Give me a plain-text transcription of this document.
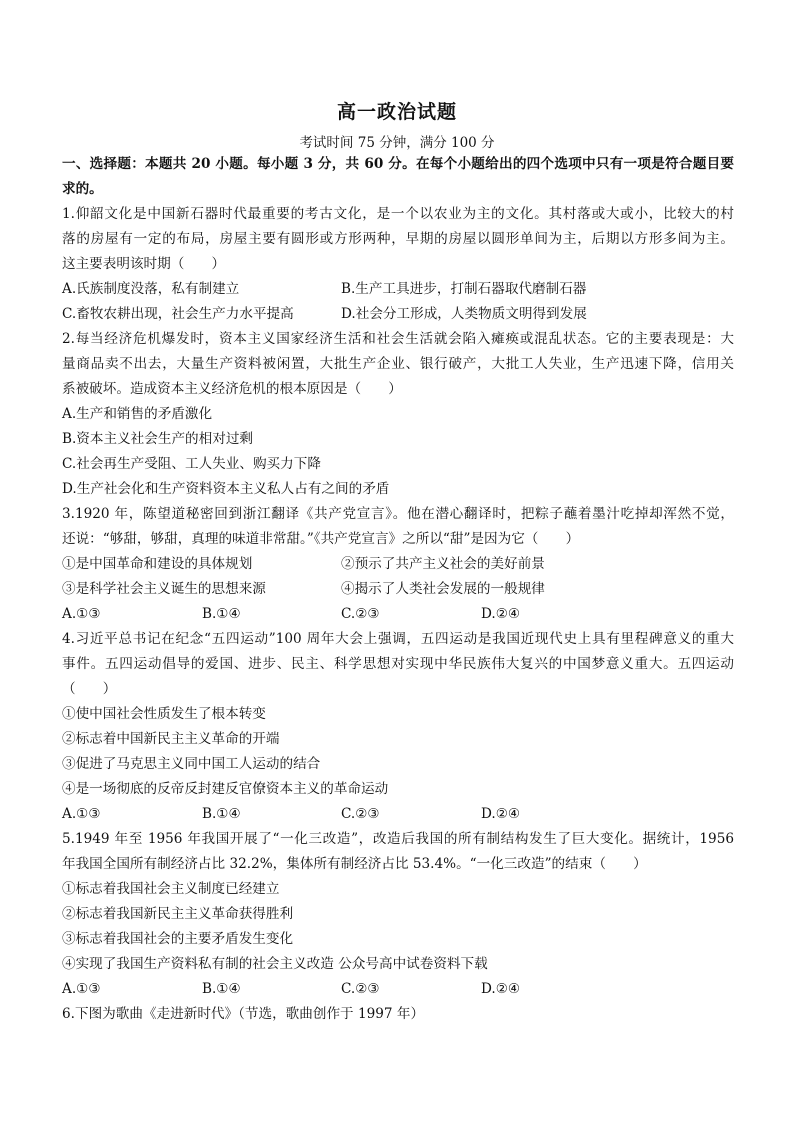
高一政治试题
考试时间 75 分钟，满分 100 分
一、选择题：本题共 20 小题。每小题 3 分，共 60 分。在每个小题给出的四个选项中只有一项是符合题目要
求的。
1.仰韶文化是中国新石器时代最重要的考古文化，是一个以农业为主的文化。其村落或大或小，比较大的村
落的房屋有一定的布局，房屋主要有圆形或方形两种，早期的房屋以圆形单间为主，后期以方形多间为主。
这主要表明该时期（　　）
A.氏族制度没落，私有制建立	B.生产工具进步，打制石器取代磨制石器
C.畜牧农耕出现，社会生产力水平提高	D.社会分工形成，人类物质文明得到发展
2.每当经济危机爆发时，资本主义国家经济生活和社会生活就会陷入瘫痪或混乱状态。它的主要表现是：大
量商品卖不出去，大量生产资料被闲置，大批生产企业、银行破产，大批工人失业，生产迅速下降，信用关
系被破坏。造成资本主义经济危机的根本原因是（　　）
A.生产和销售的矛盾激化
B.资本主义社会生产的相对过剩
C.社会再生产受阻、工人失业、购买力下降
D.生产社会化和生产资料资本主义私人占有之间的矛盾
3.1920 年，陈望道秘密回到浙江翻译《共产党宣言》。他在潜心翻译时，把粽子蘸着墨汁吃掉却浑然不觉，
还说：“够甜，够甜，真理的味道非常甜。”《共产党宣言》之所以“甜”是因为它（　　）
①是中国革命和建设的具体规划	②预示了共产主义社会的美好前景
③是科学社会主义诞生的思想来源	④揭示了人类社会发展的一般规律
A.①③	B.①④	C.②③	D.②④
4.习近平总书记在纪念“五四运动”100 周年大会上强调，五四运动是我国近现代史上具有里程碑意义的重大
事件。五四运动倡导的爱国、进步、民主、科学思想对实现中华民族伟大复兴的中国梦意义重大。五四运动
（　　）
①使中国社会性质发生了根本转变
②标志着中国新民主主义革命的开端
③促进了马克思主义同中国工人运动的结合
④是一场彻底的反帝反封建反官僚资本主义的革命运动
A.①③	B.①④	C.②③	D.②④
5.1949 年至 1956 年我国开展了“一化三改造”，改造后我国的所有制结构发生了巨大变化。据统计，1956
年我国全国所有制经济占比 32.2%，集体所有制经济占比 53.4%。“一化三改造”的结束（　　）
①标志着我国社会主义制度已经建立
②标志着我国新民主主义革命获得胜利
③标志着我国社会的主要矛盾发生变化
④实现了我国生产资料私有制的社会主义改造 公众号高中试卷资料下载
A.①③	B.①④	C.②③	D.②④
6.下图为歌曲《走进新时代》（节选，歌曲创作于 1997 年）
